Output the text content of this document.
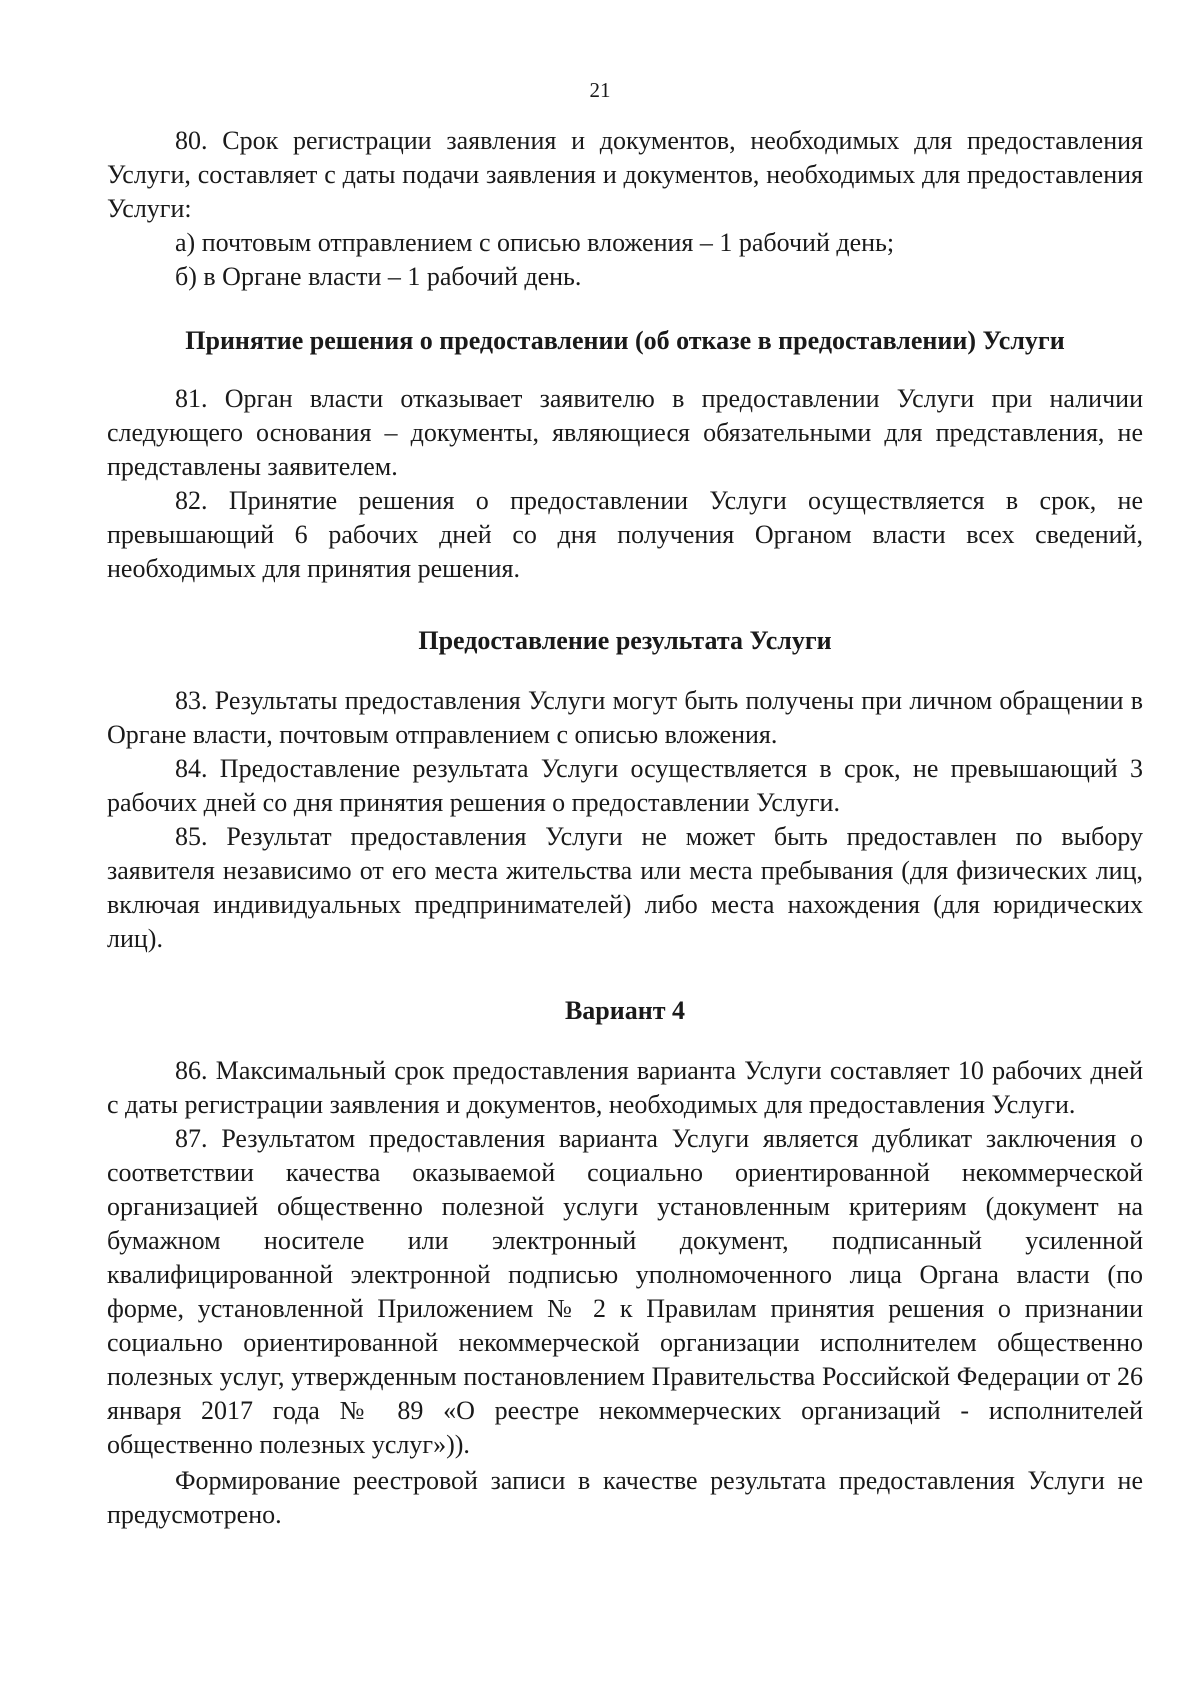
21

80. Срок регистрации заявления и документов, необходимых для предоставления Услуги, составляет с даты подачи заявления и документов, необходимых для предоставления Услуги:

а) почтовым отправлением с описью вложения – 1 рабочий день;

б) в Органе власти – 1 рабочий день.

Принятие решения о предоставлении (об отказе в предоставлении) Услуги

81. Орган власти отказывает заявителю в предоставлении Услуги при наличии следующего основания – документы, являющиеся обязательными для представления, не представлены заявителем.

82. Принятие решения о предоставлении Услуги осуществляется в срок, не превышающий 6 рабочих дней со дня получения Органом власти всех сведений, необходимых для принятия решения.

Предоставление результата Услуги

83. Результаты предоставления Услуги могут быть получены при личном обращении в Органе власти, почтовым отправлением с описью вложения.

84. Предоставление результата Услуги осуществляется в срок, не превышающий 3 рабочих дней со дня принятия решения о предоставлении Услуги.

85. Результат предоставления Услуги не может быть предоставлен по выбору заявителя независимо от его места жительства или места пребывания (для физических лиц, включая индивидуальных предпринимателей) либо места нахождения (для юридических лиц).

Вариант 4

86. Максимальный срок предоставления варианта Услуги составляет 10 рабочих дней с даты регистрации заявления и документов, необходимых для предоставления Услуги.

87. Результатом предоставления варианта Услуги является дубликат заключения о соответствии качества оказываемой социально ориентированной некоммерческой организацией общественно полезной услуги установленным критериям (документ на бумажном носителе или электронный документ, подписанный усиленной квалифицированной электронной подписью уполномоченного лица Органа власти (по форме, установленной Приложением № 2 к Правилам принятия решения о признании социально ориентированной некоммерческой организации исполнителем общественно полезных услуг, утвержденным постановлением Правительства Российской Федерации от 26 января 2017 года № 89 «О реестре некоммерческих организаций - исполнителей общественно полезных услуг»)).

Формирование реестровой записи в качестве результата предоставления Услуги не предусмотрено.
